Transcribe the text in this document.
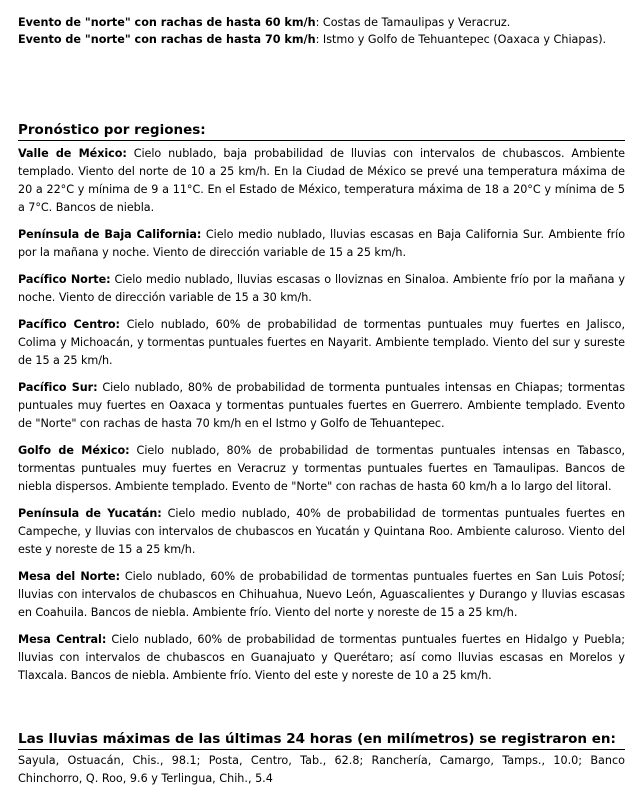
Evento de "norte" con rachas de hasta 60 km/h: Costas de Tamaulipas y Veracruz.

Evento de "norte" con rachas de hasta 70 km/h: Istmo y Golfo de Tehuantepec (Oaxaca y Chiapas).

Pronóstico por regiones:

Valle de México: Cielo nublado, baja probabilidad de lluvias con intervalos de chubascos. Ambiente templado. Viento del norte de 10 a 25 km/h. En la Ciudad de México se prevé una temperatura máxima de 20 a 22°C y mínima de 9 a 11°C. En el Estado de México, temperatura máxima de 18 a 20°C y mínima de 5 a 7°C. Bancos de niebla.

Península de Baja California: Cielo medio nublado, lluvias escasas en Baja California Sur. Ambiente frío por la mañana y noche. Viento de dirección variable de 15 a 25 km/h.

Pacífico Norte: Cielo medio nublado, lluvias escasas o lloviznas en Sinaloa. Ambiente frío por la mañana y noche. Viento de dirección variable de 15 a 30 km/h.

Pacífico Centro: Cielo nublado, 60% de probabilidad de tormentas puntuales muy fuertes en Jalisco, Colima y Michoacán, y tormentas puntuales fuertes en Nayarit. Ambiente templado. Viento del sur y sureste de 15 a 25 km/h.

Pacífico Sur: Cielo nublado, 80% de probabilidad de tormenta puntuales intensas en Chiapas; tormentas puntuales muy fuertes en Oaxaca y tormentas puntuales fuertes en Guerrero. Ambiente templado. Evento de "Norte" con rachas de hasta 70 km/h en el Istmo y Golfo de Tehuantepec.

Golfo de México: Cielo nublado, 80% de probabilidad de tormentas puntuales intensas en Tabasco, tormentas puntuales muy fuertes en Veracruz y tormentas puntuales fuertes en Tamaulipas. Bancos de niebla dispersos. Ambiente templado. Evento de "Norte" con rachas de hasta 60 km/h a lo largo del litoral.

Península de Yucatán: Cielo medio nublado, 40% de probabilidad de tormentas puntuales fuertes en Campeche, y lluvias con intervalos de chubascos en Yucatán y Quintana Roo. Ambiente caluroso. Viento del este y noreste de 15 a 25 km/h.

Mesa del Norte: Cielo nublado, 60% de probabilidad de tormentas puntuales fuertes en San Luis Potosí; lluvias con intervalos de chubascos en Chihuahua, Nuevo León, Aguascalientes y Durango y lluvias escasas en Coahuila. Bancos de niebla. Ambiente frío. Viento del norte y noreste de 15 a 25 km/h.

Mesa Central: Cielo nublado, 60% de probabilidad de tormentas puntuales fuertes en Hidalgo y Puebla; lluvias con intervalos de chubascos en Guanajuato y Querétaro; así como lluvias escasas en Morelos y Tlaxcala. Bancos de niebla. Ambiente frío. Viento del este y noreste de 10 a 25 km/h.

Las lluvias máximas de las últimas 24 horas (en milímetros) se registraron en:

Sayula, Ostuacán, Chis., 98.1; Posta, Centro, Tab., 62.8; Ranchería, Camargo, Tamps., 10.0; Banco Chinchorro, Q. Roo, 9.6 y Terlingua, Chih., 5.4
